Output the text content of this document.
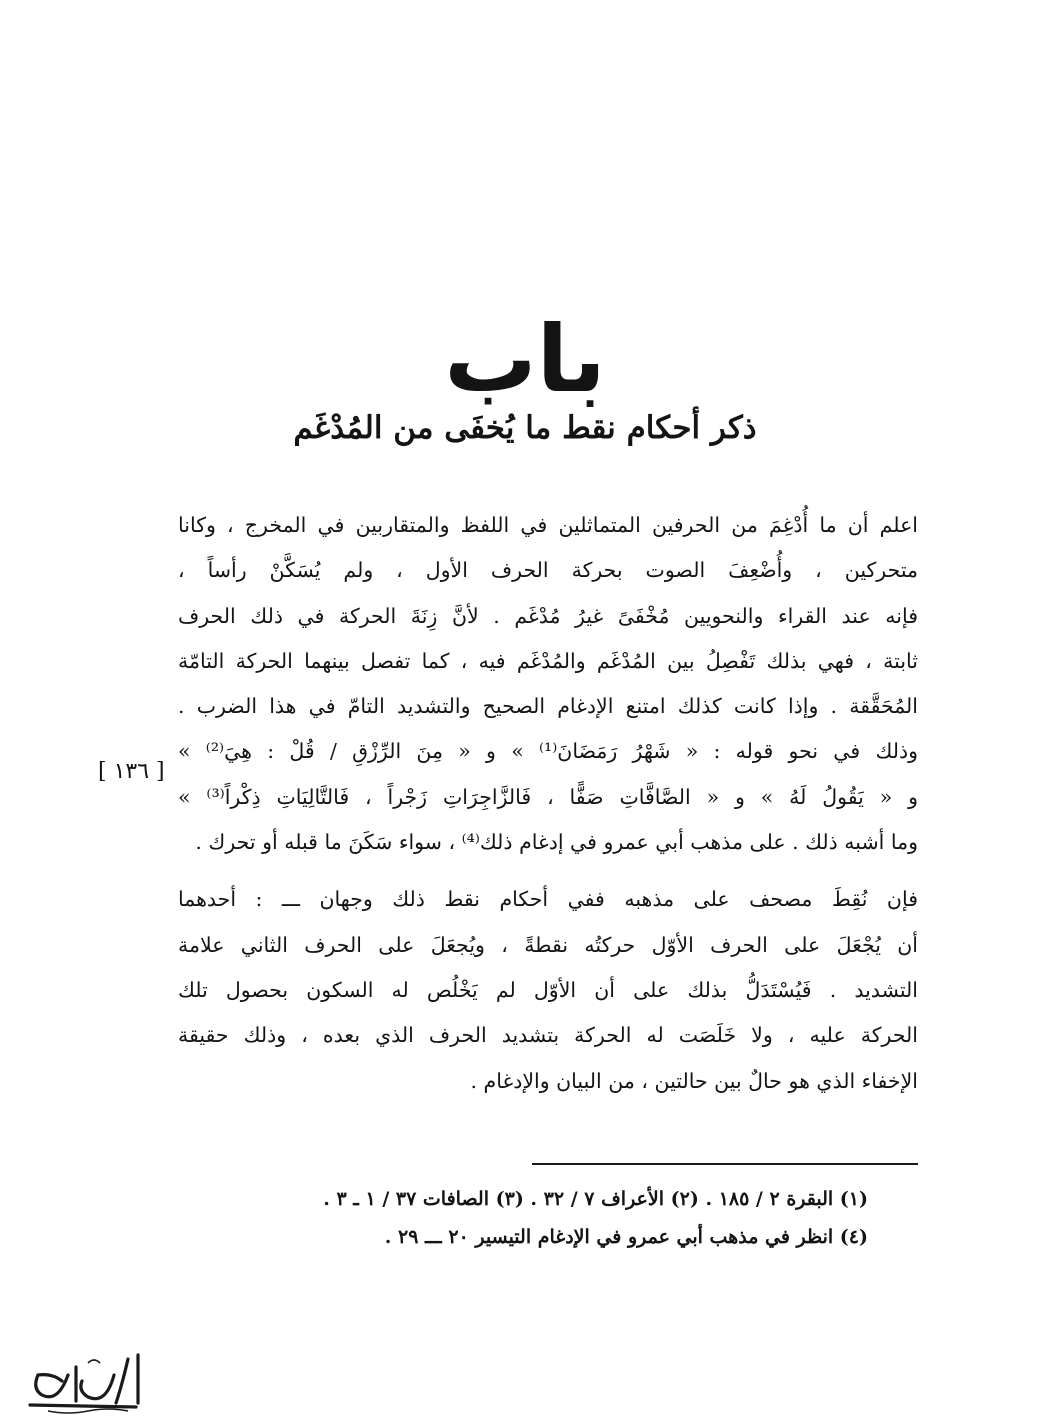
باب
ذكر أحكام نقط ما يُخفَى من المُدْغَم
اعلم أن ما أُدْغِمَ من الحرفين المتماثلين في اللفظ والمتقاربين في المخرج ، وكانا
متحركين ، وأُضْعِفَ الصوت بحركة الحرف الأول ، ولم يُسَكَّنْ رأساً ،
فإنه عند القراء والنحويين مُخْفَىً غيرُ مُدْغَم . لأنَّ زِنَةَ الحركة في ذلك الحرف
ثابتة ، فهي بذلك تَفْصِلُ بين المُدْغَم والمُدْغَم فيه ، كما تفصل بينهما الحركة التامّة
المُحَقَّقة . وإذا كانت كذلك امتنع الإدغام الصحيح والتشديد التامّ في هذا الضرب .
وذلك في نحو قوله : « شَهْرُ رَمَضَانَ⁽¹⁾ » و « مِنَ الرِّزْقِ / قُلْ : هِيَ⁽²⁾ »
و « يَقُولُ لَهُ » و « الصَّافَّاتِ صَفًّا ، فَالزَّاجِرَاتِ زَجْراً ، فَالتَّالِيَاتِ ذِكْراً⁽³⁾ »
وما أشبه ذلك . على مذهب أبي عمرو في إدغام ذلك⁽⁴⁾ ، سواء سَكَنَ ما قبله أو تحرك .
فإن نُقِطَ مصحف على مذهبه ففي أحكام نقط ذلك وجهان ـــ : أحدهما
أن يُجْعَلَ على الحرف الأوّل حركتُه نقطةً ، ويُجعَلَ على الحرف الثاني علامة
التشديد . فَيُسْتَدَلُّ بذلك على أن الأوّل لم يَخْلُص له السكون بحصول تلك
الحركة عليه ، ولا خَلَصَت له الحركة بتشديد الحرف الذي بعده ، وذلك حقيقة
الإخفاء الذي هو حالٌ بين حالتين ، من البيان والإدغام .
[ ١٣٦ ]
(١) البقرة ٢ / ١٨٥ . (٢) الأعراف ٧ / ٣٢ . (٣) الصافات ٣٧ / ١ ـ ٣ .
(٤) انظر في مذهب أبي عمرو في الإدغام التيسير ٢٠ ـــ ٢٩ .
